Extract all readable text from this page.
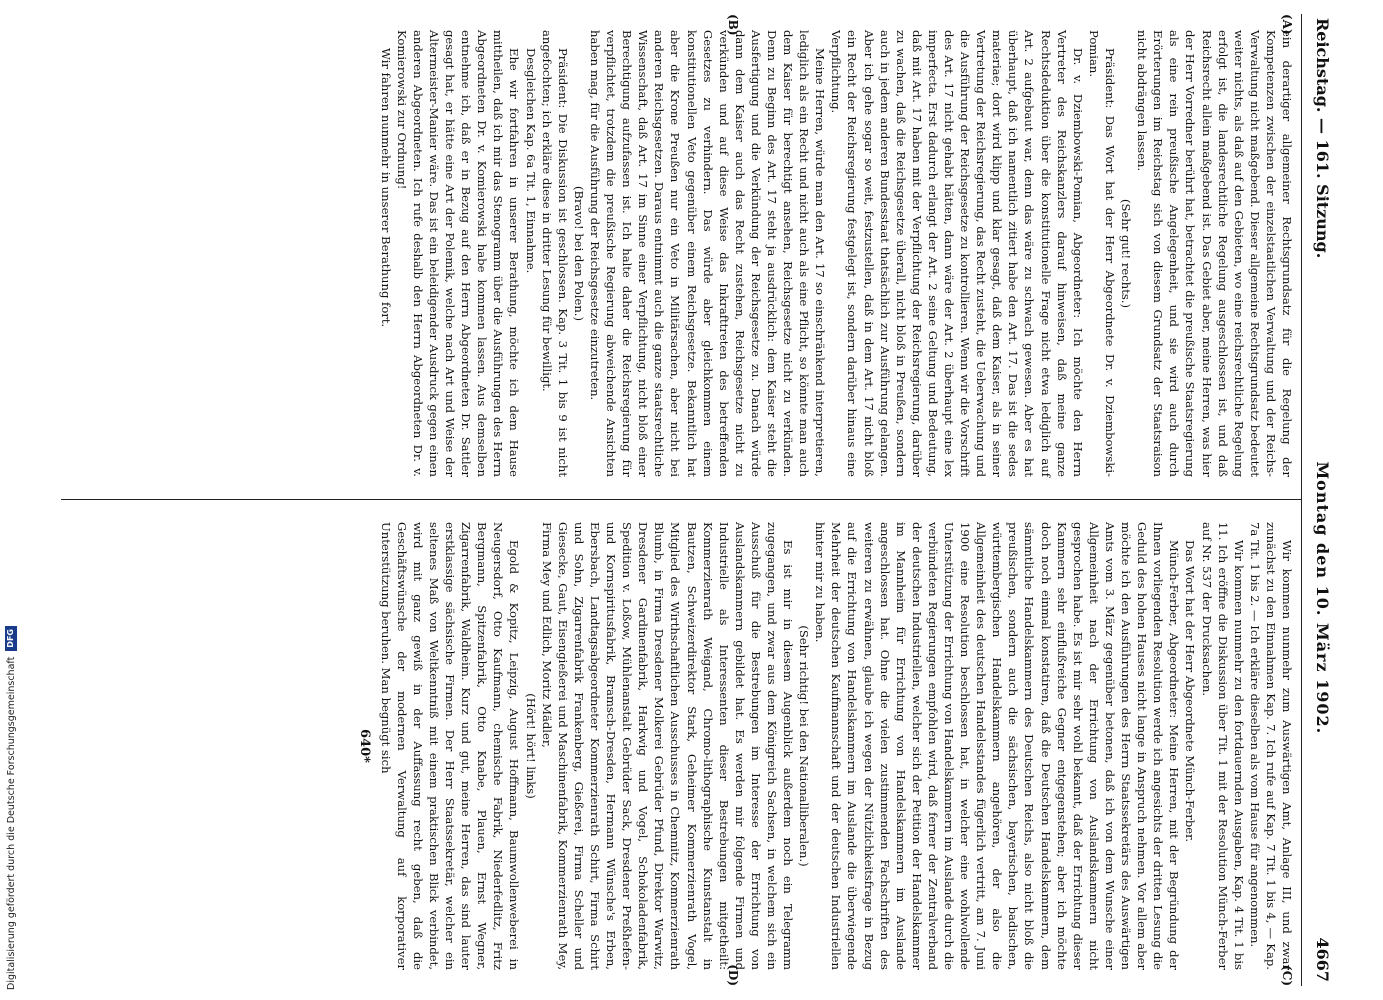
Reichstag. — 161. Sitzung.
Montag den 10. März 1902.
4667
(A)
(B)

ein derartiger allgemeiner Rechtsgrundsatz für die Regelung der Kompetenzen zwischen der einzelstaatlichen Verwaltung und der Reichs-Verwaltung nicht maßgebend. Dieser allgemeine Rechtsgrundsatz bedeutet weiter nichts, als daß auf den Gebieten, wo eine reichsrechtliche Regelung erfolgt ist, die landesrechtliche Regelung ausgeschlossen ist, und daß Reichsrecht allein maßgebend ist. Das Gebiet aber, meine Herren, was hier der Herr Vorredner berührt hat, betrachtet die preußische Staatsregierung als eine rein preußische Angelegenheit, und sie wird auch durch Erörterungen im Reichstag sich von diesem Grundsatz der Staatsraison nicht abdrängen lassen.

(Sehr gut! rechts.)

Präsident: Das Wort hat der Herr Abgeordnete Dr. v. Dziembowski-Pomian.

Dr. v. Dziembowski-Pomian, Abgeordneter: Ich möchte den Herrn Vertreter des Reichskanzlers darauf hinweisen, daß meine ganze Rechtsdeduktion über die konstitutionelle Frage nicht etwa lediglich auf Art. 2 aufgebaut war, denn das wäre zu schwach gewesen. Aber es hat überhaupt, daß ich namentlich zitiert habe den Art. 17. Das ist die sedes materiae; dort wird klipp und klar gesagt, daß dem Kaiser, als in seiner Vertretung der Reichsregierung, das Recht zusteht, die Ueberwachung und die Ausführung der Reichsgesetze zu kontrollieren. Wenn wir die Vorschrift des Art. 17 nicht gehabt hätten, dann wäre der Art. 2 überhaupt eine lex imperfecta. Erst dadurch erlangt der Art. 2 seine Geltung und Bedeutung, daß mit Art. 17 haben mit der Verpflichtung der Reichsregierung, darüber zu wachen, daß die Reichsgesetze überall, nicht bloß in Preußen, sondern auch in jedem anderen Bundesstaat thatsächlich zur Ausführung gelangen. Aber ich gehe sogar so weit, festzustellen, daß in dem Art. 17 nicht bloß ein Recht der Reichsregierung festgelegt ist, sondern darüber hinaus eine Verpflichtung.

Meine Herren, würde man den Art. 17 so einschränkend interpretieren, lediglich als ein Recht und nicht auch als eine Pflicht, so könnte man auch dem Kaiser für berechtigt ansehen, Reichsgesetze nicht zu verkünden. Denn zu Beginn des Art. 17 steht ja ausdrücklich: dem Kaiser steht die Ausfertigung und die Verkündung der Reichsgesetze zu. Danach würde dann dem Kaiser auch das Recht zustehen, Reichsgesetze nicht zu verkünden und auf diese Weise das Inkrafttreten des betreffenden Gesetzes zu verhindern. Das würde aber gleichkommen einem konstitutionellen Veto gegenüber einem Reichsgesetze. Bekanntlich hat aber die Krone Preußen nur ein Veto in Militärsachen, aber nicht bei anderen Reichsgesetzen. Daraus entnimmt auch die ganze staatsrechtliche Wissenschaft, daß Art. 17 im Sinne einer Verpflichtung, nicht bloß einer Berechtigung aufzufassen ist. Ich halte daher die Reichsregierung für verpflichtet, trotzdem die preußische Regierung abweichende Ansichten haben mag, für die Ausführung der Reichsgesetze einzutreten.

(Bravo! bei den Polen.)

Präsident: Die Diskussion ist geschlossen. Kap. 3 Tit. 1 bis 9 ist nicht angefochten; ich erkläre diese in dritter Lesung für bewilligt.

Desgleichen Kap. 6a Tit. 1, Einnahme.

Ehe wir fortfahren in unserer Berathung, möchte ich dem Hause mittheilen, daß ich mir das Stenogramm über die Ausführungen des Herrn Abgeordneten Dr. v. Komierowski habe kommen lassen. Aus demselben entnehme ich, daß er in Bezug auf den Herrn Abgeordneten Dr. Sattler gesagt hat, er hätte eine Art der Polemik, welche nach Art und Weise der Altermeister-Manier wäre. Das ist ein beleidigender Ausdruck gegen einen anderen Abgeordneten. Ich rufe deshalb den Herrn Abgeordneten Dr. v. Komierowski zur Ordnung!

Wir fahren nunmehr in unserer Berathung fort.

(C)
(D)

Wir kommen nunmehr zum Auswärtigen Amt, Anlage III, und zwar zunächst zu den Einnahmen Kap. 7. Ich rufe auf Kap. 7 Tit. 1 bis 4, — Kap. 7a Tit. 1 bis 2. — Ich erkläre dieselben als vom Hause für angenommen.

Wir kommen nunmehr zu den fortdauernden Ausgaben, Kap. 4 Tit. 1 bis 11. Ich eröffne die Diskussion über Tit. 1 mit der Resolution Münch-Ferber auf Nr. 537 der Drucksachen.

Das Wort hat der Herr Abgeordnete Münch-Ferber.

Münch-Ferber, Abgeordneter: Meine Herren, mit der Begründung der Ihnen vorliegenden Resolution werde ich angesichts der dritten Lesung die Geduld des hohen Hauses nicht lange in Anspruch nehmen. Vor allem aber möchte ich den Ausführungen des Herrn Staatssekretärs des Auswärtigen Amts vom 3. März gegenüber betonen, daß ich von dem Wunsche einer Allgemeinheit nach der Errichtung von Auslandskammern nicht gesprochen habe. Es ist mir sehr wohl bekannt, daß der Errichtung dieser Kammern sehr einflußreiche Gegner entgegenstehen; aber ich möchte doch noch einmal konstatiren, daß die Deutschen Handelskammern, dem sämmtliche Handelskammern des Deutschen Reichs, also nicht bloß die preußischen, sondern auch die sächsischen, bayerischen, badischen, württembergischen Handelskammern angehören, der also die Allgemeinheit des deutschen Handelsstandes fügerlich vertritt, am 7. Juni 1900 eine Resolution beschlossen hat, in welcher eine wohlwollende Unterstützung der Errichtung von Handelskammern im Auslande durch die verbündeten Regierungen empfohlen wird, daß ferner der Zentralverband der deutschen Industriellen, welcher sich der Petition der Handelskammer im Mannheim für Errichtung von Handelskammern im Auslande angeschlossen hat. Ohne die vielen zustimmenden Fachschriften des weiteren zu erwähnen, glaube ich wegen der Nützlichkeitsfrage in Bezug auf die Errichtung von Handelskammern im Auslande die überwiegende Mehrheit der deutschen Kaufmannschaft und der deutschen Industriellen hinter mir zu haben.

(Sehr richtig! bei den Nationalliberalen.)

Es ist mir in diesem Augenblick außerdem noch ein Telegramm zugegangen, und zwar aus dem Königreich Sachsen, in welchem sich ein Ausschuß für die Bestrebungen im Interesse der Errichtung von Auslandskammern gebildet hat. Es werden mir folgende Firmen und Industrielle als Interessenten dieser Bestrebungen mitgetheilt: Kommerzienrath Weigand, Chromo-lithographische Kunstanstalt in Bautzen, Schweizerdirektor Stark, Geheimer Kommerzienrath Vogel, Mitglied des Wirthschaftlichen Ausschusses in Chemnitz, Kommerzienrath Blumb, in Firma Dresdener Molkerei Gebrüder Pfund, Direktor Warwitz, Dresdener Gardinenfabrik, Harkwig und Vogel, Schokoladenfabrik, Spedition v. Loßow, Mühlenanstalt Gebrüder Sack, Dresdener Preßhefen- und Kornspiritusfabrik, Bramsch-Dresden, Hermann Wünsche's Erben, Ebersbach, Landtagsabgeordneter Kommerzienrath Schirt, Firma Schirt und Sohn, Zigarrenfabrik Frankenberg, Gießerei, Firma Scheller und Giesecke, Gaut, Eisengießerei und Maschinenfabrik, Kommerzienrath Mey, Firma Mey und Edlich, Moritz Mädler,

(Hört! hört! links)

Egold & Kopitz, Leipzig, August Hoffmann, Baumwollenweberei in Neugersdorf, Otto Kaufmann, chemische Fabrik, Niederfedlitz, Fritz Bergmann, Spitzenfabrik, Otto Knabe, Plauen, Ernst Wegner, Zigarrenfabrik, Waldheim. Kurz und gut, meine Herren, das sind lauter erstklassige sächsische Firmen. Der Herr Staatssekretär, welcher ein seltenes Maß von Weltkenntniß mit einem praktischen Blick verbindet, wird mit ganz gewiß in der Auffassung recht geben, daß die Geschäftswünsche der modernen Verwaltung auf korporativer Unterstützung beruhen. Man begnügt sich

640*
Digitalisierung gefördert durch die Deutsche Forschungsgemeinschaft
DFG
